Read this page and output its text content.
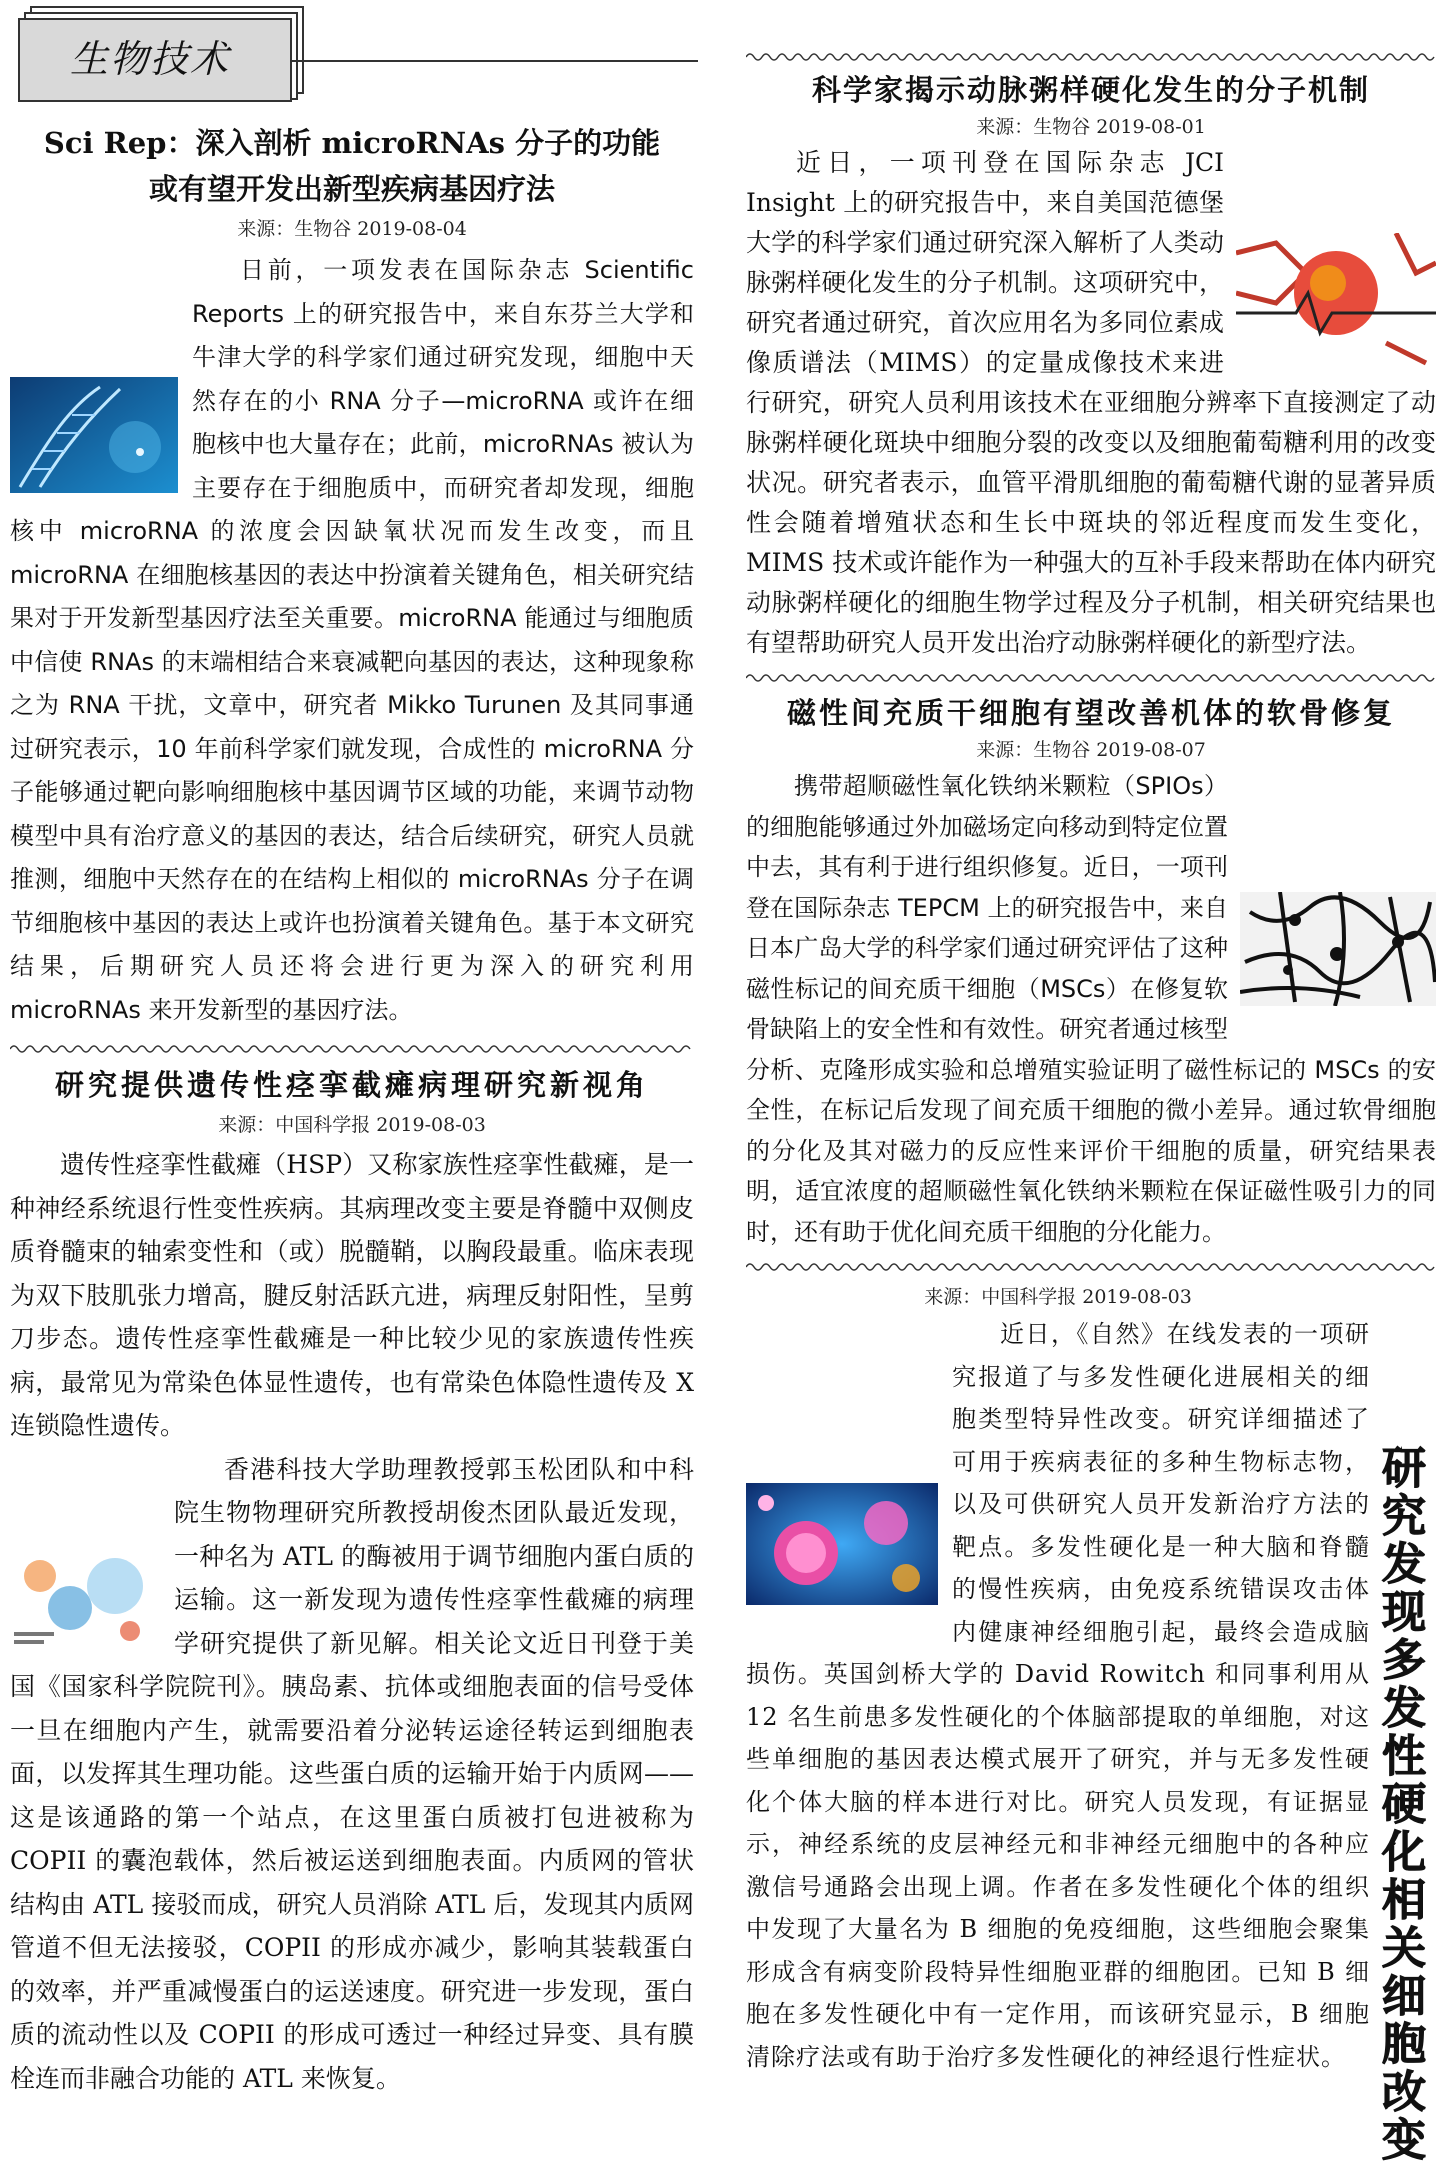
生物技术
Sci Rep：深入剖析 microRNAs 分子的功能
或有望开发出新型疾病基因疗法
来源：生物谷 2019-08-04

日前，一项发表在国际杂志 Scientific Reports 上的研究报告中，来自东芬兰大学和牛津大学的科学家们通过研究发现，细胞中天然存在的小 RNA 分子—microRNA 或许在细胞核中也大量存在；此前，microRNAs 被认为主要存在于细胞质中，而研究者却发现，细胞核中 microRNA 的浓度会因缺氧状况而发生改变，而且 microRNA 在细胞核基因的表达中扮演着关键角色，相关研究结果对于开发新型基因疗法至关重要。microRNA 能通过与细胞质中信使 RNAs 的末端相结合来衰减靶向基因的表达，这种现象称之为 RNA 干扰，文章中，研究者 Mikko Turunen 及其同事通过研究表示，10 年前科学家们就发现，合成性的 microRNA 分子能够通过靶向影响细胞核中基因调节区域的功能，来调节动物模型中具有治疗意义的基因的表达，结合后续研究，研究人员就推测，细胞中天然存在的在结构上相似的 microRNAs 分子在调节细胞核中基因的表达上或许也扮演着关键角色。基于本文研究结果，后期研究人员还将会进行更为深入的研究利用 microRNAs 来开发新型的基因疗法。

研究提供遗传性痉挛截瘫病理研究新视角
来源：中国科学报 2019-08-03

遗传性痉挛性截瘫（HSP）又称家族性痉挛性截瘫，是一种神经系统退行性变性疾病。其病理改变主要是脊髓中双侧皮质脊髓束的轴索变性和（或）脱髓鞘，以胸段最重。临床表现为双下肢肌张力增高，腱反射活跃亢进，病理反射阳性，呈剪刀步态。遗传性痉挛性截瘫是一种比较少见的家族遗传性疾病，最常见为常染色体显性遗传，也有常染色体隐性遗传及 X 连锁隐性遗传。

香港科技大学助理教授郭玉松团队和中科院生物物理研究所教授胡俊杰团队最近发现，一种名为 ATL 的酶被用于调节细胞内蛋白质的运输。这一新发现为遗传性痉挛性截瘫的病理学研究提供了新见解。相关论文近日刊登于美国《国家科学院院刊》。胰岛素、抗体或细胞表面的信号受体一旦在细胞内产生，就需要沿着分泌转运途径转运到细胞表面，以发挥其生理功能。这些蛋白质的运输开始于内质网——这是该通路的第一个站点，在这里蛋白质被打包进被称为 COPII 的囊泡载体，然后被运送到细胞表面。内质网的管状结构由 ATL 接驳而成，研究人员消除 ATL 后，发现其内质网管道不但无法接驳，COPII 的形成亦减少，影响其装载蛋白的效率，并严重减慢蛋白的运送速度。研究进一步发现，蛋白质的流动性以及 COPII 的形成可透过一种经过异变、具有膜栓连而非融合功能的 ATL 来恢复。

科学家揭示动脉粥样硬化发生的分子机制
来源：生物谷 2019-08-01

近日，一项刊登在国际杂志 JCI Insight 上的研究报告中，来自美国范德堡大学的科学家们通过研究深入解析了人类动脉粥样硬化发生的分子机制。这项研究中，研究者通过研究，首次应用名为多同位素成像质谱法（MIMS）的定量成像技术来进行研究，研究人员利用该技术在亚细胞分辨率下直接测定了动脉粥样硬化斑块中细胞分裂的改变以及细胞葡萄糖利用的改变状况。研究者表示，血管平滑肌细胞的葡萄糖代谢的显著异质性会随着增殖状态和生长中斑块的邻近程度而发生变化，MIMS 技术或许能作为一种强大的互补手段来帮助在体内研究动脉粥样硬化的细胞生物学过程及分子机制，相关研究结果也有望帮助研究人员开发出治疗动脉粥样硬化的新型疗法。

磁性间充质干细胞有望改善机体的软骨修复
来源：生物谷 2019-08-07

携带超顺磁性氧化铁纳米颗粒（SPIOs）的细胞能够通过外加磁场定向移动到特定位置中去，其有利于进行组织修复。近日，一项刊登在国际杂志 TEPCM 上的研究报告中，来自日本广岛大学的科学家们通过研究评估了这种磁性标记的间充质干细胞（MSCs）在修复软骨缺陷上的安全性和有效性。研究者通过核型分析、克隆形成实验和总增殖实验证明了磁性标记的 MSCs 的安全性，在标记后发现了间充质干细胞的微小差异。通过软骨细胞的分化及其对磁力的反应性来评价干细胞的质量，研究结果表明，适宜浓度的超顺磁性氧化铁纳米颗粒在保证磁性吸引力的同时，还有助于优化间充质干细胞的分化能力。

来源：中国科学报 2019-08-03

近日，《自然》在线发表的一项研究报道了与多发性硬化进展相关的细胞类型特异性改变。研究详细描述了可用于疾病表征的多种生物标志物，以及可供研究人员开发新治疗方法的靶点。多发性硬化是一种大脑和脊髓的慢性疾病，由免疫系统错误攻击体内健康神经细胞引起，最终会造成脑损伤。英国剑桥大学的 David Rowitch 和同事利用从 12 名生前患多发性硬化的个体脑部提取的单细胞，对这些单细胞的基因表达模式展开了研究，并与无多发性硬化个体大脑的样本进行对比。研究人员发现，有证据显示，神经系统的皮层神经元和非神经元细胞中的各种应激信号通路会出现上调。作者在多发性硬化个体的组织中发现了大量名为 B 细胞的免疫细胞，这些细胞会聚集形成含有病变阶段特异性细胞亚群的细胞团。已知 B 细胞在多发性硬化中有一定作用，而该研究显示，B 细胞清除疗法或有助于治疗多发性硬化的神经退行性症状。

研
究
发
现
多
发
性
硬
化
相
关
细
胞
改
变
